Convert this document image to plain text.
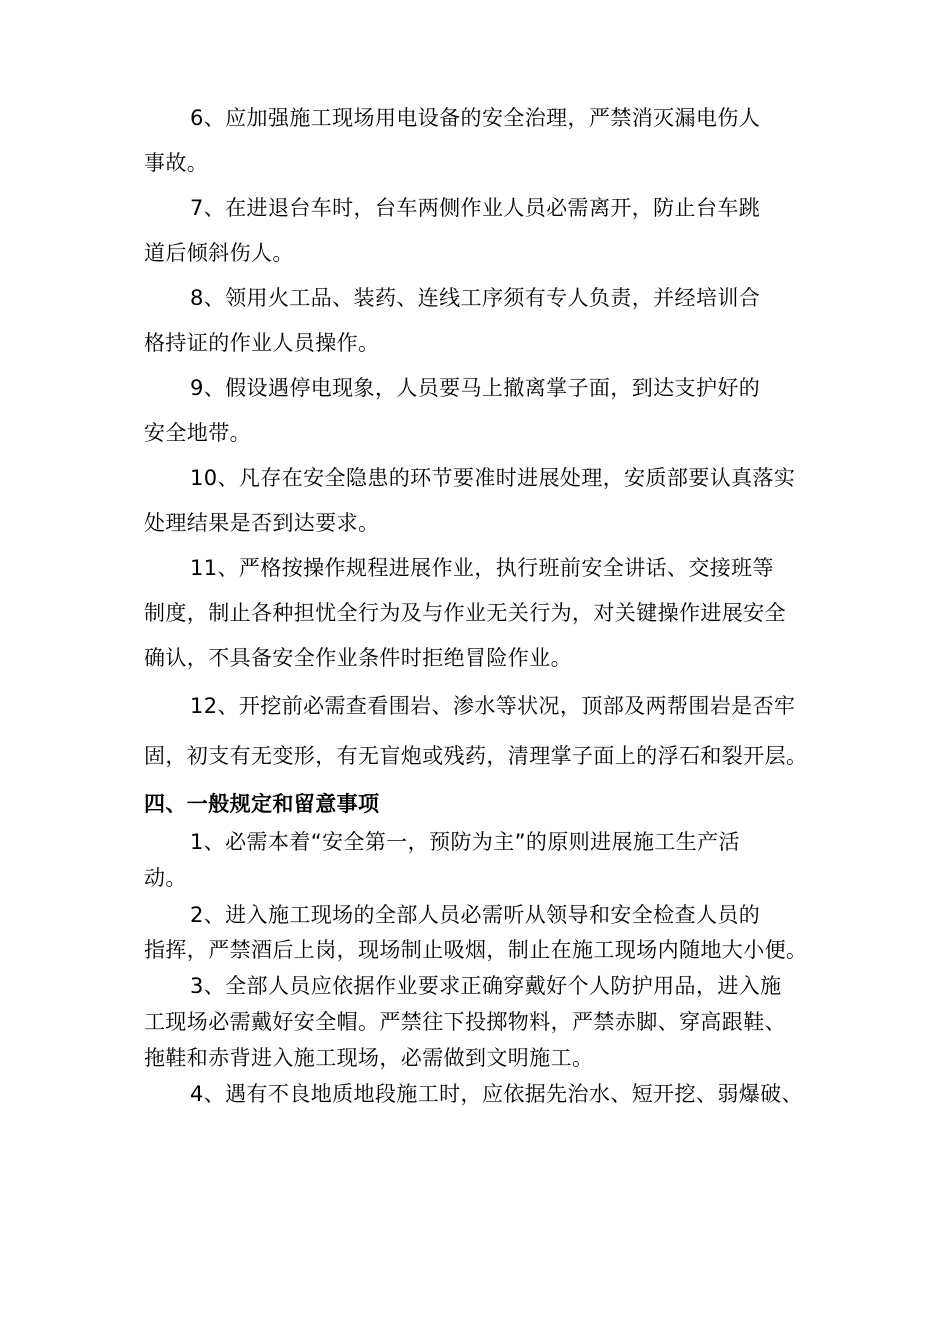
6、应加强施工现场用电设备的安全治理，严禁消灭漏电伤人
事故。
7、在进退台车时，台车两侧作业人员必需离开，防止台车跳
道后倾斜伤人。
8、领用火工品、装药、连线工序须有专人负责，并经培训合
格持证的作业人员操作。
9、假设遇停电现象，人员要马上撤离掌子面，到达支护好的
安全地带。
10、凡存在安全隐患的环节要准时进展处理，安质部要认真落实
处理结果是否到达要求。
11、严格按操作规程进展作业，执行班前安全讲话、交接班等
制度，制止各种担忧全行为及与作业无关行为，对关键操作进展安全
确认，不具备安全作业条件时拒绝冒险作业。
12、开挖前必需查看围岩、渗水等状况，顶部及两帮围岩是否牢
固，初支有无变形，有无盲炮或残药，清理掌子面上的浮石和裂开层。
四、一般规定和留意事项
1、必需本着“安全第一，预防为主”的原则进展施工生产活
动。
2、进入施工现场的全部人员必需听从领导和安全检查人员的
指挥，严禁酒后上岗，现场制止吸烟，制止在施工现场内随地大小便。
3、全部人员应依据作业要求正确穿戴好个人防护用品，进入施
工现场必需戴好安全帽。严禁往下投掷物料，严禁赤脚、穿高跟鞋、
拖鞋和赤背进入施工现场，必需做到文明施工。
4、遇有不良地质地段施工时，应依据先治水、短开挖、弱爆破、
